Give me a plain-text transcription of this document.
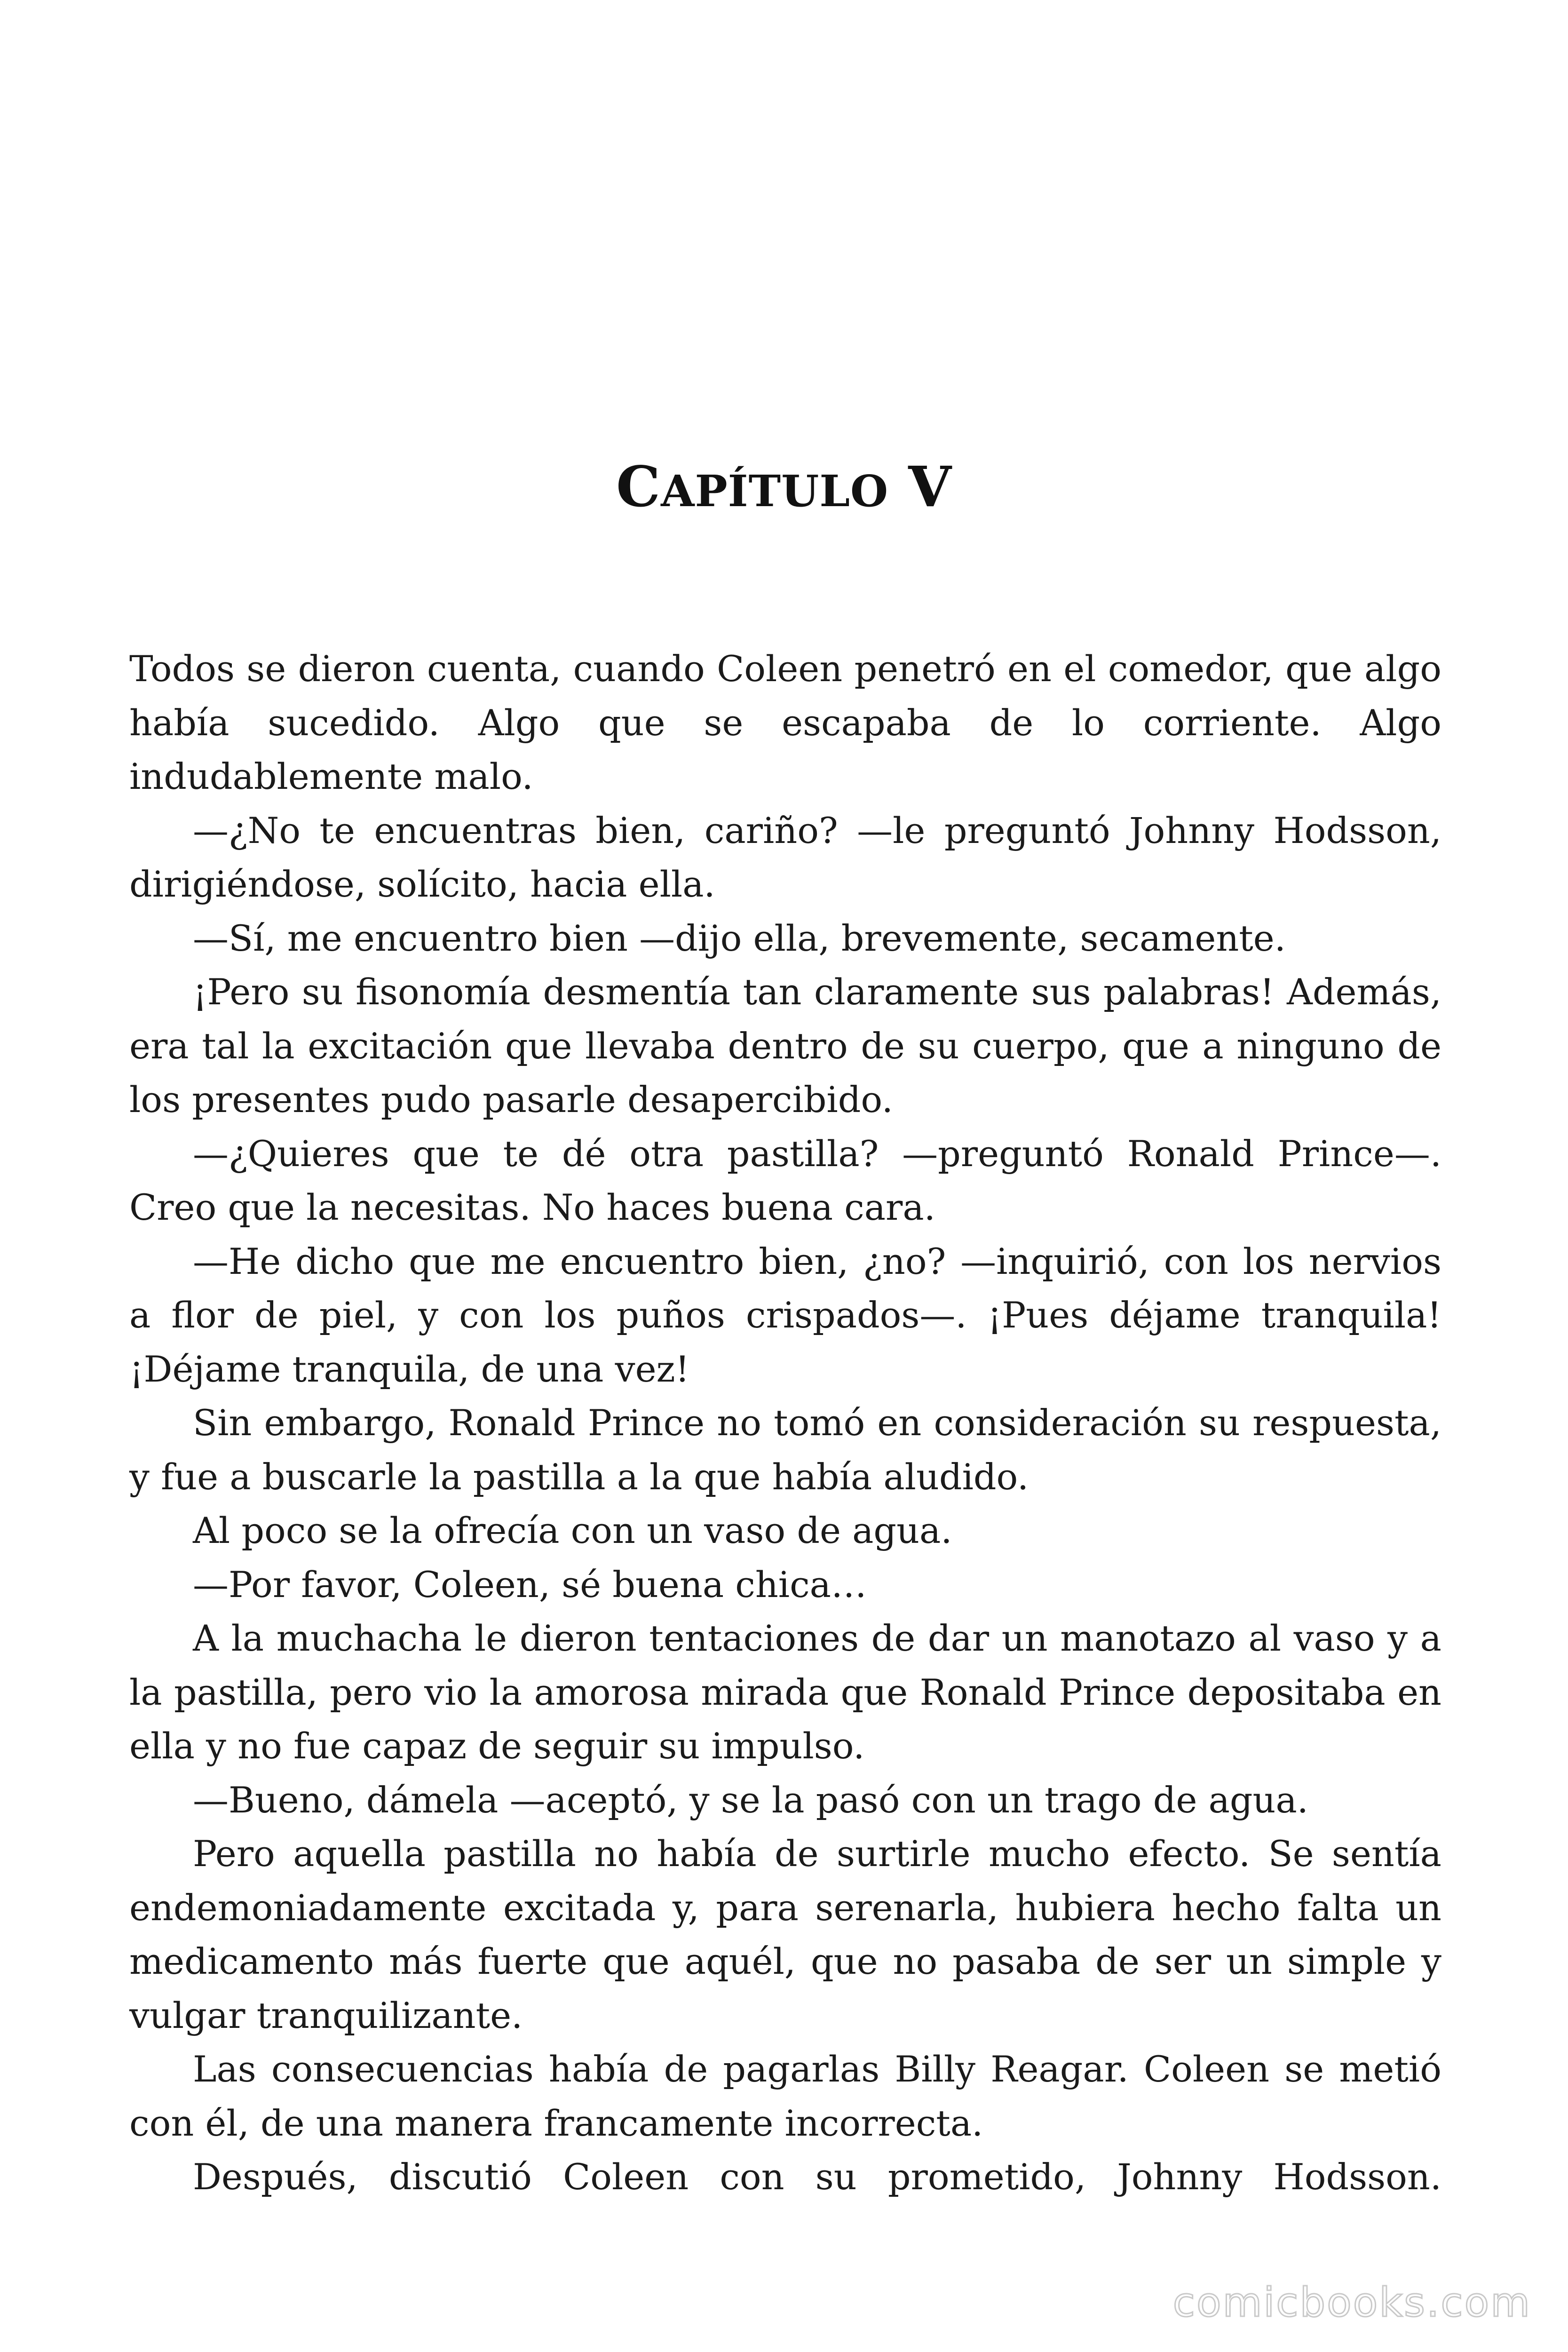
CAPÍTULO V

Todos se dieron cuenta, cuando Coleen penetró en el comedor, que algo había sucedido. Algo que se escapaba de lo corriente. Algo indudablemente malo.

—¿No te encuentras bien, cariño? —le preguntó Johnny Hodsson, dirigiéndose, solícito, hacia ella.

—Sí, me encuentro bien —dijo ella, brevemente, secamente.

¡Pero su fisonomía desmentía tan claramente sus palabras! Además, era tal la excitación que llevaba dentro de su cuerpo, que a ninguno de los presentes pudo pasarle desapercibido.

—¿Quieres que te dé otra pastilla? —preguntó Ronald Prince—. Creo que la necesitas. No haces buena cara.

—He dicho que me encuentro bien, ¿no? —inquirió, con los nervios a flor de piel, y con los puños crispados—. ¡Pues déjame tranquila! ¡Déjame tranquila, de una vez!

Sin embargo, Ronald Prince no tomó en consideración su respuesta, y fue a buscarle la pastilla a la que había aludido.

Al poco se la ofrecía con un vaso de agua.

—Por favor, Coleen, sé buena chica…

A la muchacha le dieron tentaciones de dar un manotazo al vaso y a la pastilla, pero vio la amorosa mirada que Ronald Prince depositaba en ella y no fue capaz de seguir su impulso.

—Bueno, dámela —aceptó, y se la pasó con un trago de agua.

Pero aquella pastilla no había de surtirle mucho efecto. Se sentía endemoniadamente excitada y, para serenarla, hubiera hecho falta un medicamento más fuerte que aquél, que no pasaba de ser un simple y vulgar tranquilizante.

Las consecuencias había de pagarlas Billy Reagar. Coleen se metió con él, de una manera francamente incorrecta.

Después, discutió Coleen con su prometido, Johnny Hodsson.

comicbooks.com
